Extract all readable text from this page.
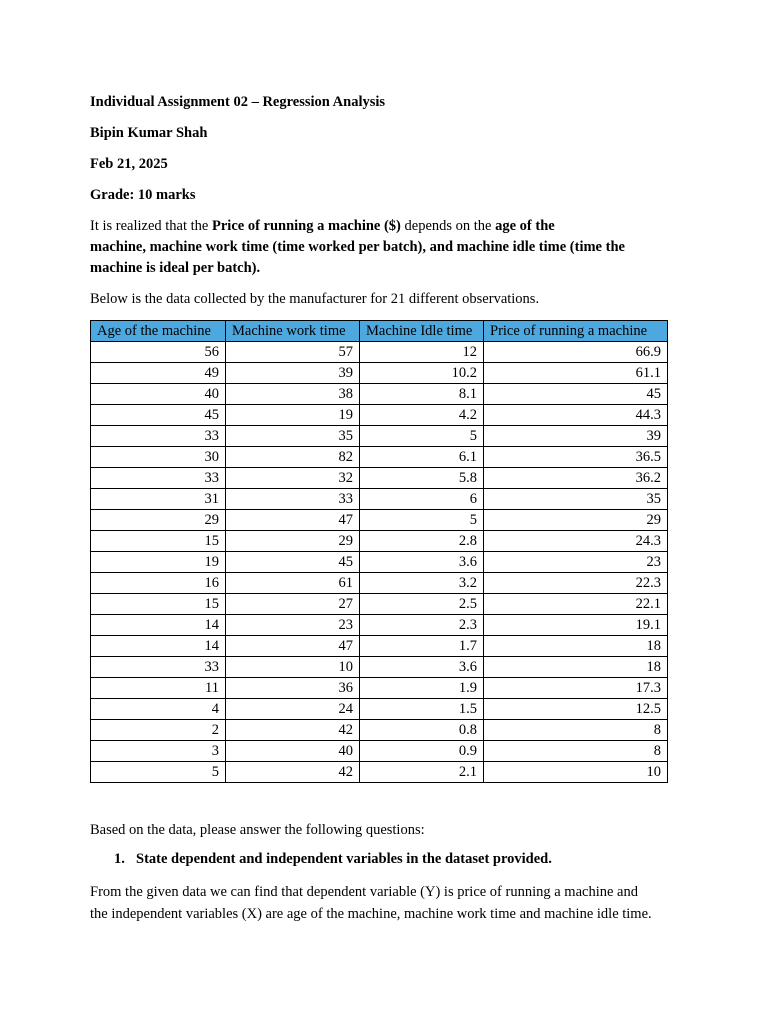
Individual Assignment 02 – Regression Analysis
Bipin Kumar Shah
Feb 21, 2025
Grade: 10 marks

It is realized that the Price of running a machine ($) depends on the age of the

machine, machine work time (time worked per batch), and machine idle time (time the

machine is ideal per batch).

Below is the data collected by the manufacturer for 21 different observations.
Age of the machine	Machine work time	Machine Idle time	Price of running a machine
56	57	12	66.9
49	39	10.2	61.1
40	38	8.1	45
45	19	4.2	44.3
33	35	5	39
30	82	6.1	36.5
33	32	5.8	36.2
31	33	6	35
29	47	5	29
15	29	2.8	24.3
19	45	3.6	23
16	61	3.2	22.3
15	27	2.5	22.1
14	23	2.3	19.1
14	47	1.7	18
33	10	3.6	18
11	36	1.9	17.3
4	24	1.5	12.5
2	42	0.8	8
3	40	0.9	8
5	42	2.1	10
Based on the data, please answer the following questions:
1. State dependent and independent variables in the dataset provided.

From the given data we can find that dependent variable (Y) is price of running a machine and

the independent variables (X) are age of the machine, machine work time and machine idle time.
